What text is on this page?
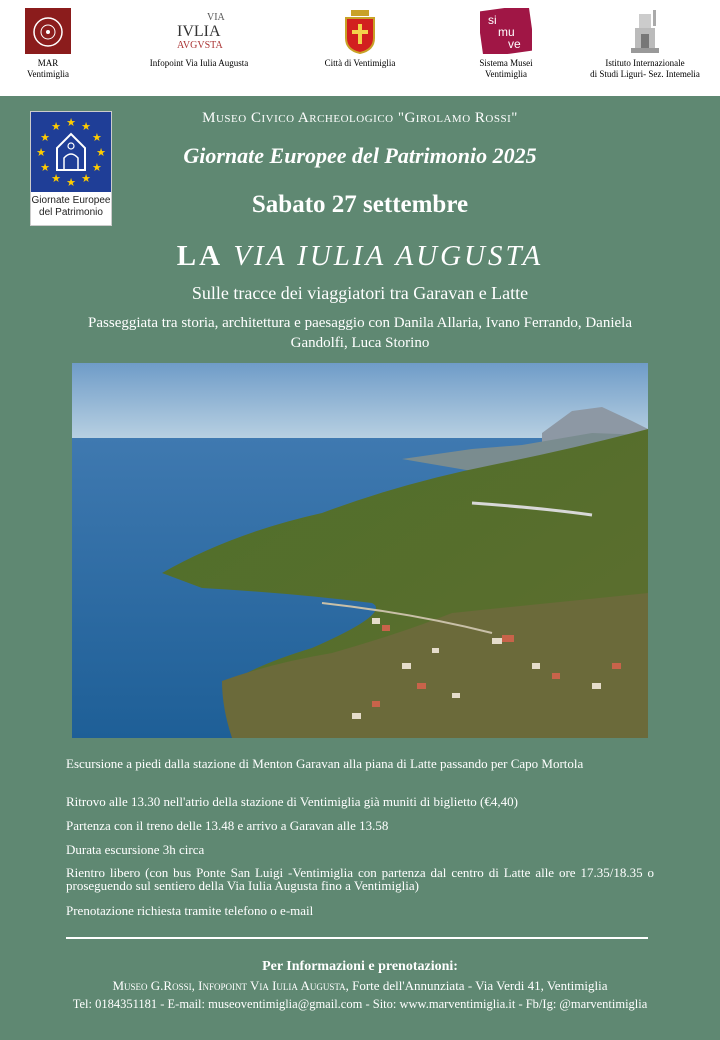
MAR
Ventimiglia
VIA
IVLIA
AVGVSTA
Infopoint Via Iulia Augusta	Città di Ventimiglia
si
mu
ve
Sistema Musei
Ventimiglia
Istituto Internazionale
di Studi Liguri- Sez. Intemelia
★ ★
★
★
★
★
★
★
★
★
★
★
Giornate Europee
del Patrimonio
Museo Civico Archeologico "Girolamo Rossi"
Giornate Europee del Patrimonio 2025
Sabato 27 settembre
LA VIA IULIA AUGUSTA
Sulle tracce dei viaggiatori tra Garavan e Latte
Passeggiata tra storia, architettura e paesaggio con Danila Allaria, Ivano Ferrando, Daniela Gandolfi, Luca Storino
Escursione a piedi dalla stazione di Menton Garavan alla piana di Latte passando per Capo Mortola
Ritrovo alle 13.30 nell'atrio della stazione di Ventimiglia già muniti di biglietto (€4,40)
Partenza con il treno delle 13.48 e arrivo a Garavan alle 13.58
Durata escursione 3h circa
Rientro libero (con bus Ponte San Luigi -Ventimiglia con partenza dal centro di Latte alle ore 17.35/18.35 o proseguendo sul sentiero della Via Iulia Augusta fino a Ventimiglia)
Prenotazione richiesta tramite telefono o e-mail
Per Informazioni e prenotazioni:
Museo G.Rossi, Infopoint Via Iulia Augusta, Forte dell'Annunziata - Via Verdi 41, Ventimiglia
Tel: 0184351181 - E-mail: museoventimiglia@gmail.com - Sito: www.marventimiglia.it - Fb/Ig: @marventimiglia
